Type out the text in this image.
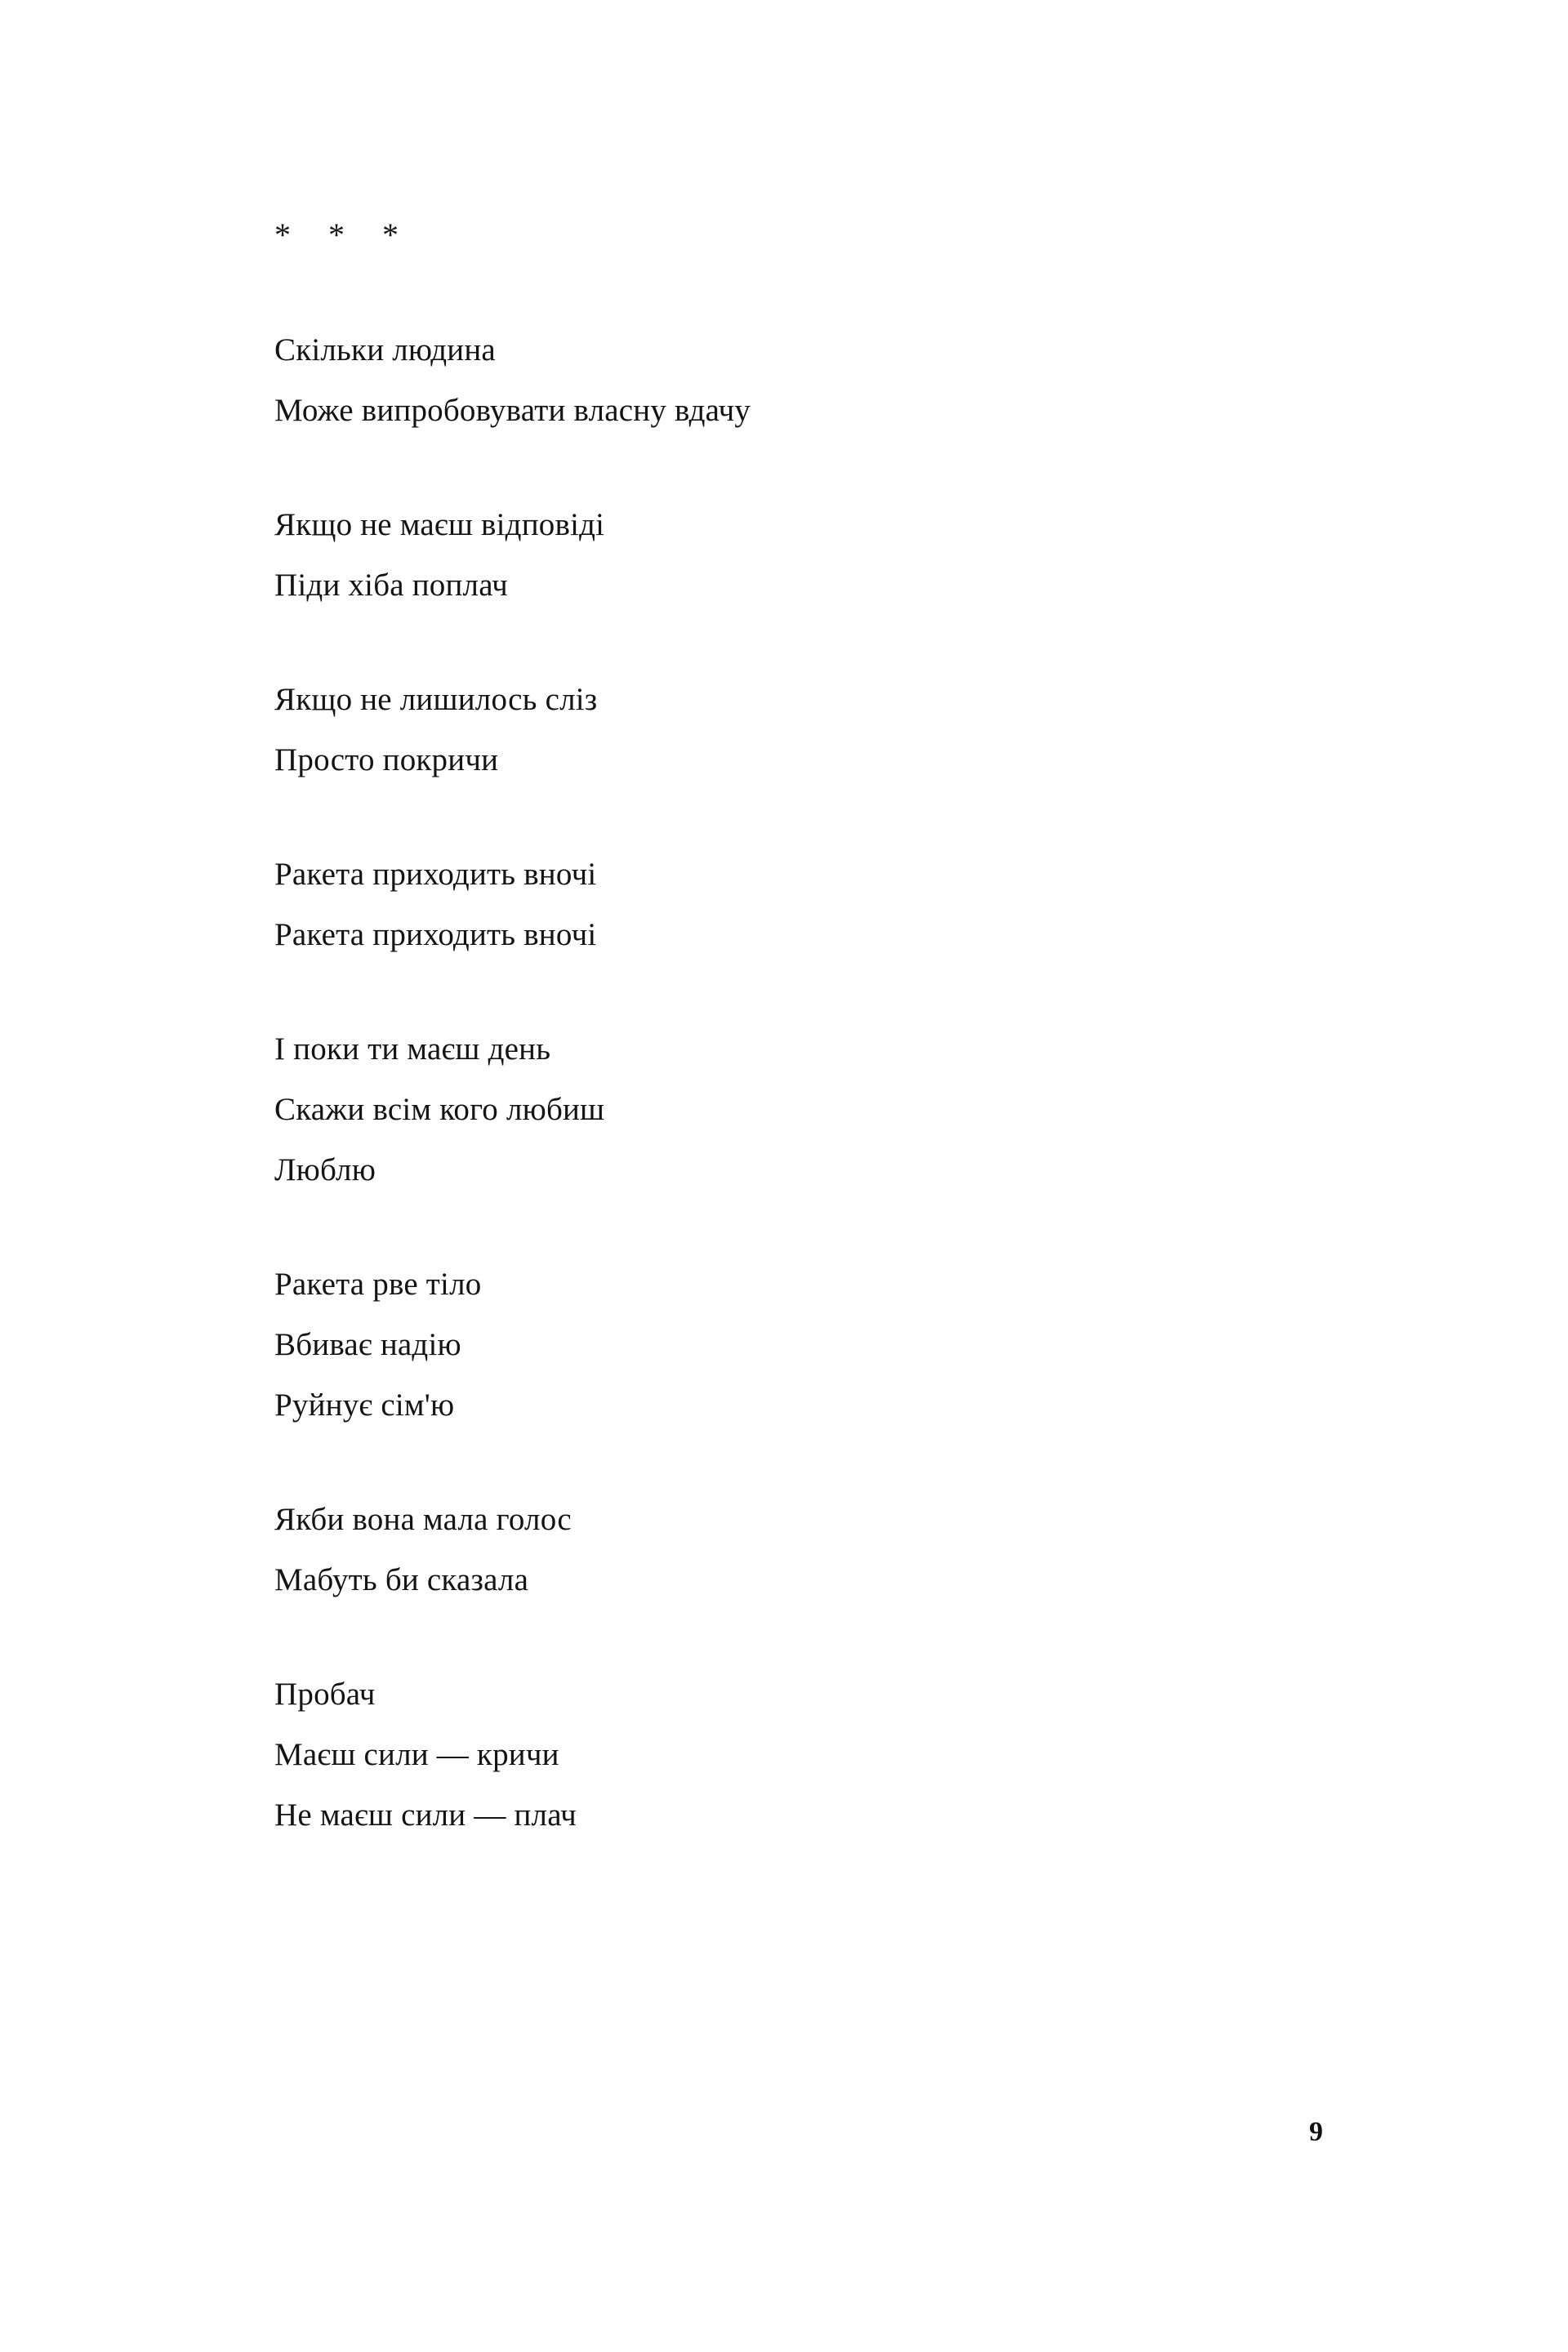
* * *
Скільки людина
Може випробовувати власну вдачу
Якщо не маєш відповіді
Піди хіба поплач
Якщо не лишилось сліз
Просто покричи
Ракета приходить вночі
Ракета приходить вночі
І поки ти маєш день
Скажи всім кого любиш
Люблю
Ракета рве тіло
Вбиває надію
Руйнує сім'ю
Якби вона мала голос
Мабуть би сказала
Пробач
Маєш сили — кричи
Не маєш сили — плач
9
